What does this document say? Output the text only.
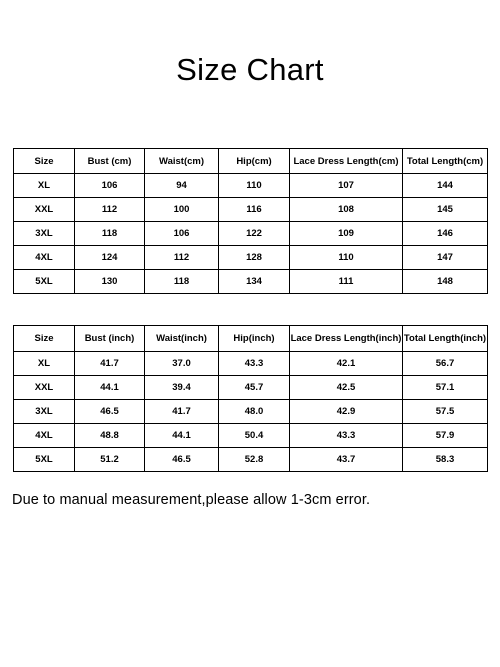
Size Chart
Size	Bust (cm)	Waist(cm)	Hip(cm)	Lace Dress Length(cm)	Total Length(cm)
XL	106	94	110	107	144
XXL	112	100	116	108	145
3XL	118	106	122	109	146
4XL	124	112	128	110	147
5XL	130	118	134	111	148
Size	Bust (inch)	Waist(inch)	Hip(inch)	Lace Dress Length(inch)	Total Length(inch)
XL	41.7	37.0	43.3	42.1	56.7
XXL	44.1	39.4	45.7	42.5	57.1
3XL	46.5	41.7	48.0	42.9	57.5
4XL	48.8	44.1	50.4	43.3	57.9
5XL	51.2	46.5	52.8	43.7	58.3
Due to manual measurement,please allow 1-3cm error.
